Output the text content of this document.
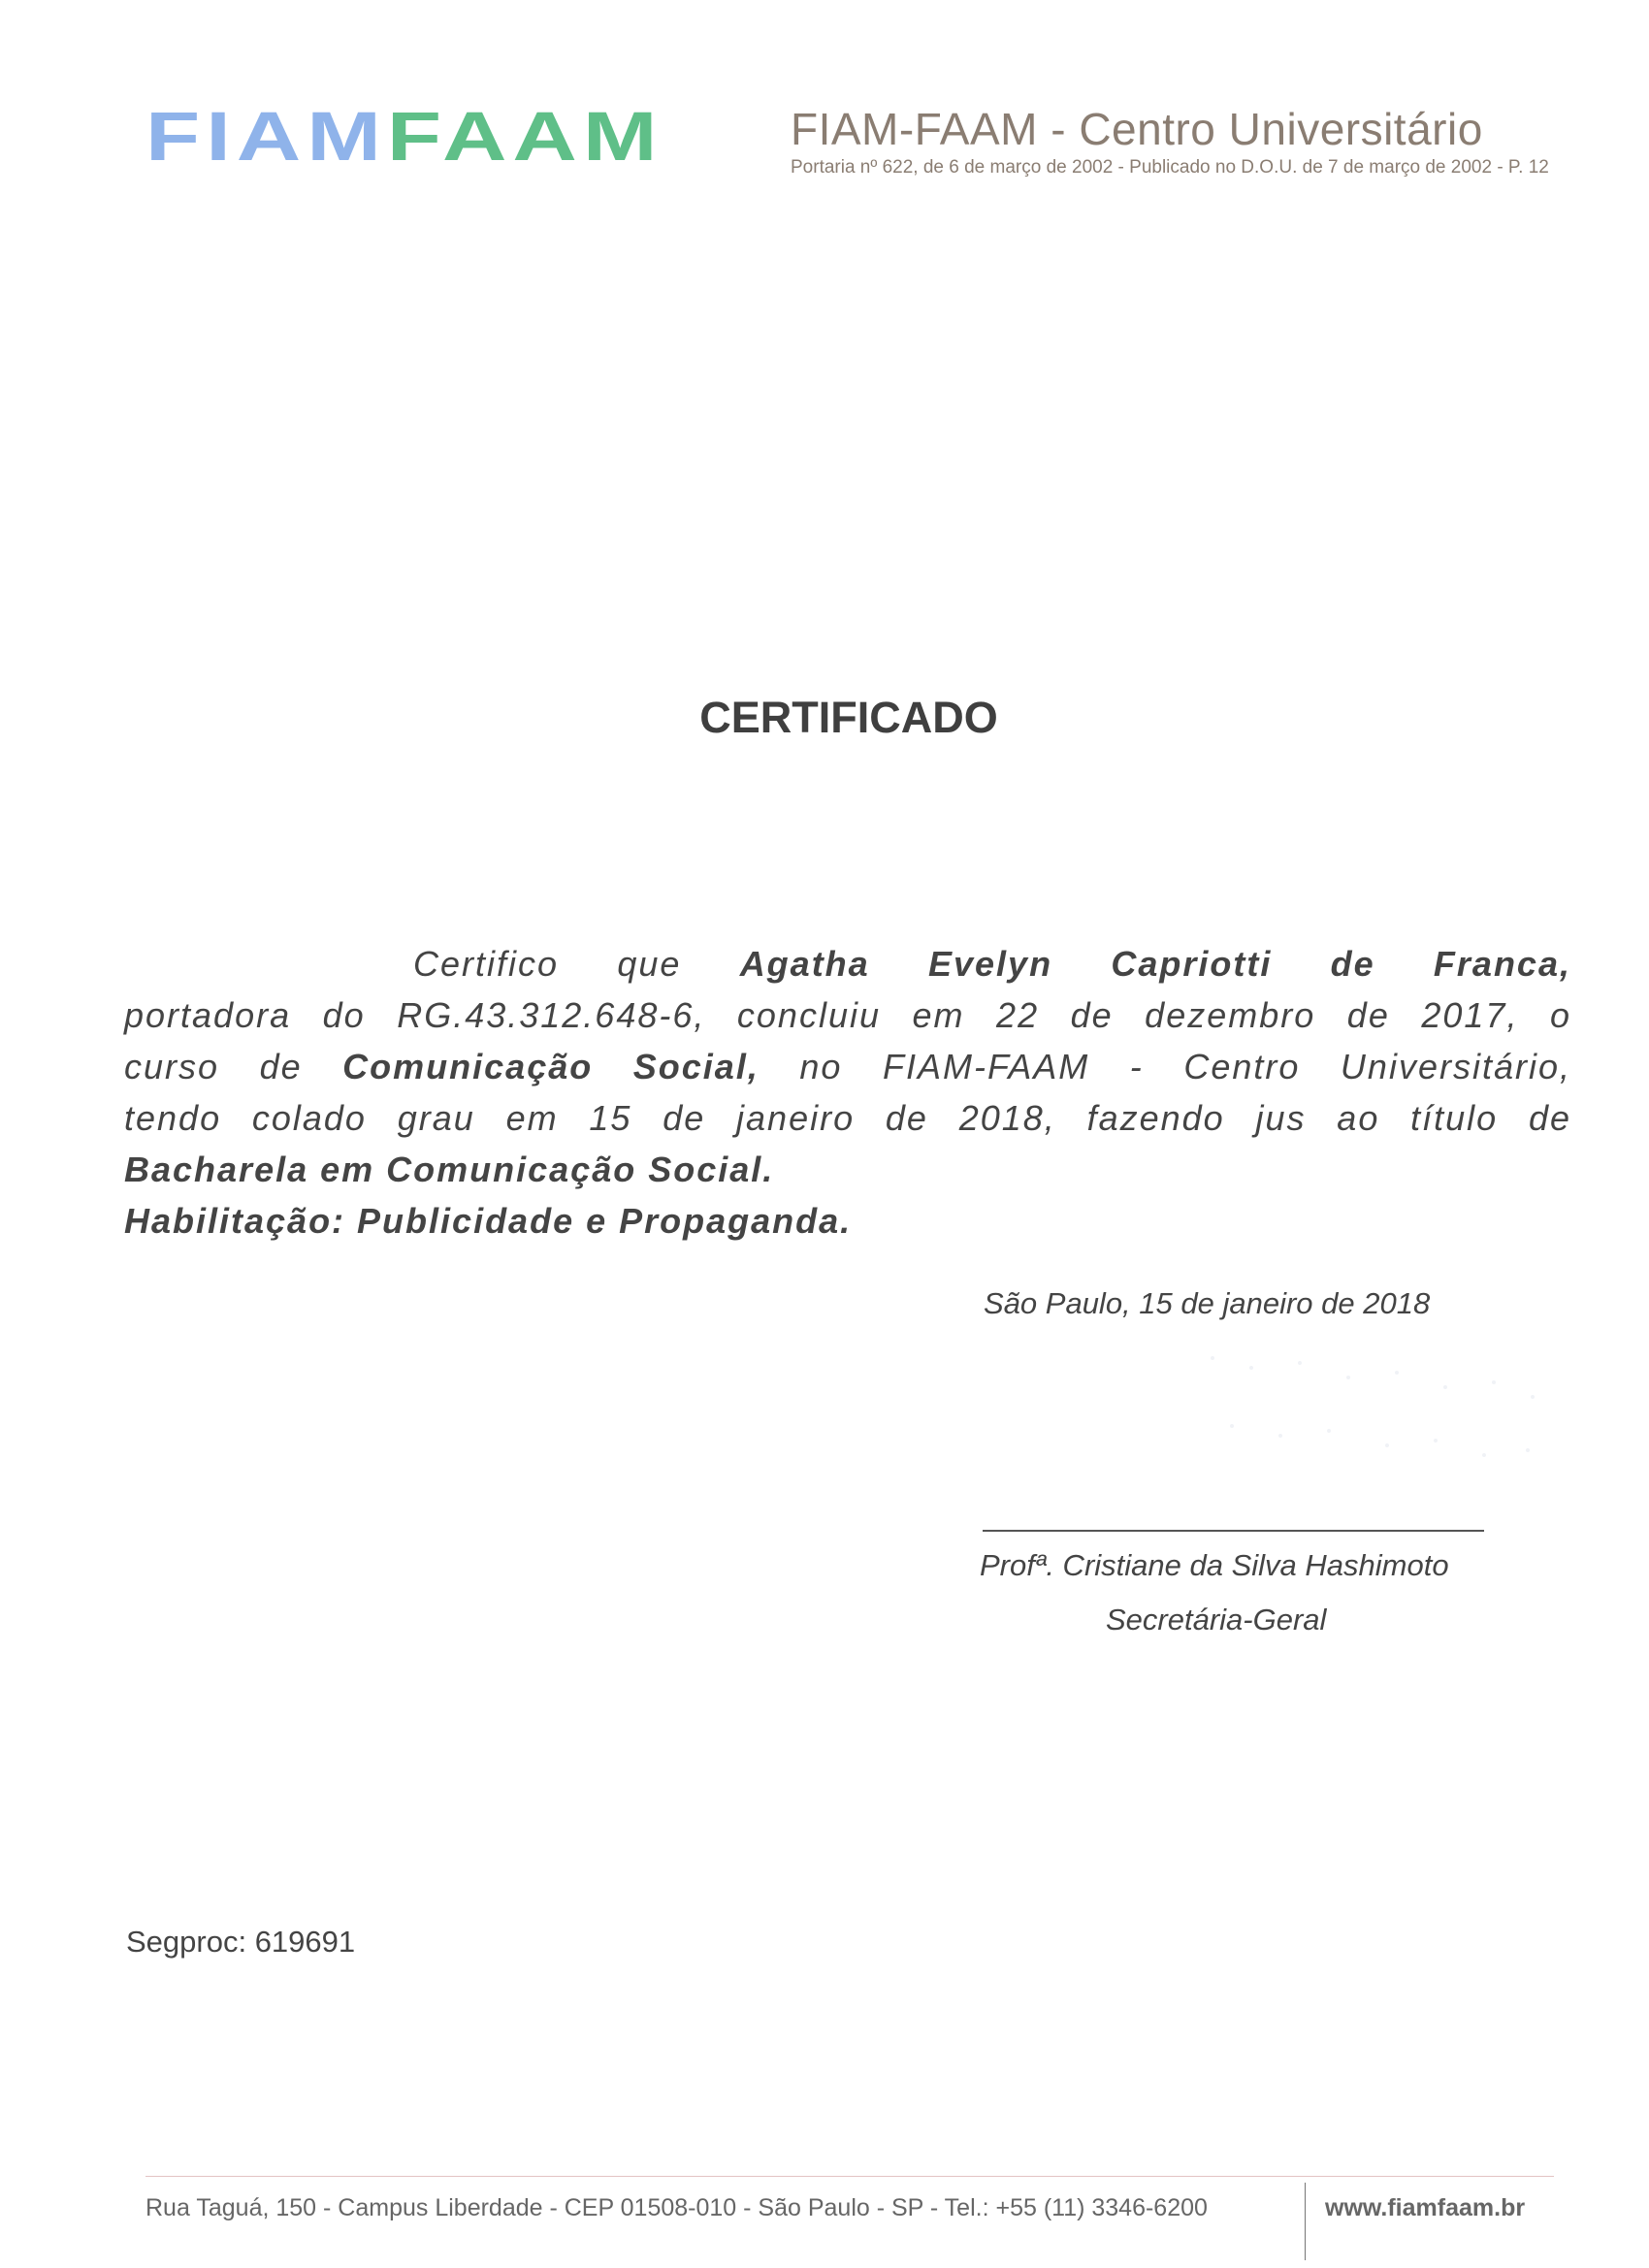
FIAMFAAM	FIAM-FAAM - Centro Universitário
Portaria nº 622, de 6 de março de 2002 - Publicado no D.O.U. de 7 de março de 2002 - P. 12
CERTIFICADO
Certifico que Agatha Evelyn Capriotti de Franca,
portadora do RG.43.312.648-6, concluiu em 22 de dezembro de 2017, o
curso de Comunicação Social, no FIAM-FAAM - Centro Universitário,
tendo colado grau em 15 de janeiro de 2018, fazendo jus ao título de
Bacharela em Comunicação Social.
Habilitação: Publicidade e Propaganda.
São Paulo, 15 de janeiro de 2018
Profª. Cristiane da Silva Hashimoto
Secretária-Geral
Segproc: 619691
Rua Taguá, 150 - Campus Liberdade - CEP 01508-010 - São Paulo - SP - Tel.: +55 (11) 3346-6200	www.fiamfaam.br
